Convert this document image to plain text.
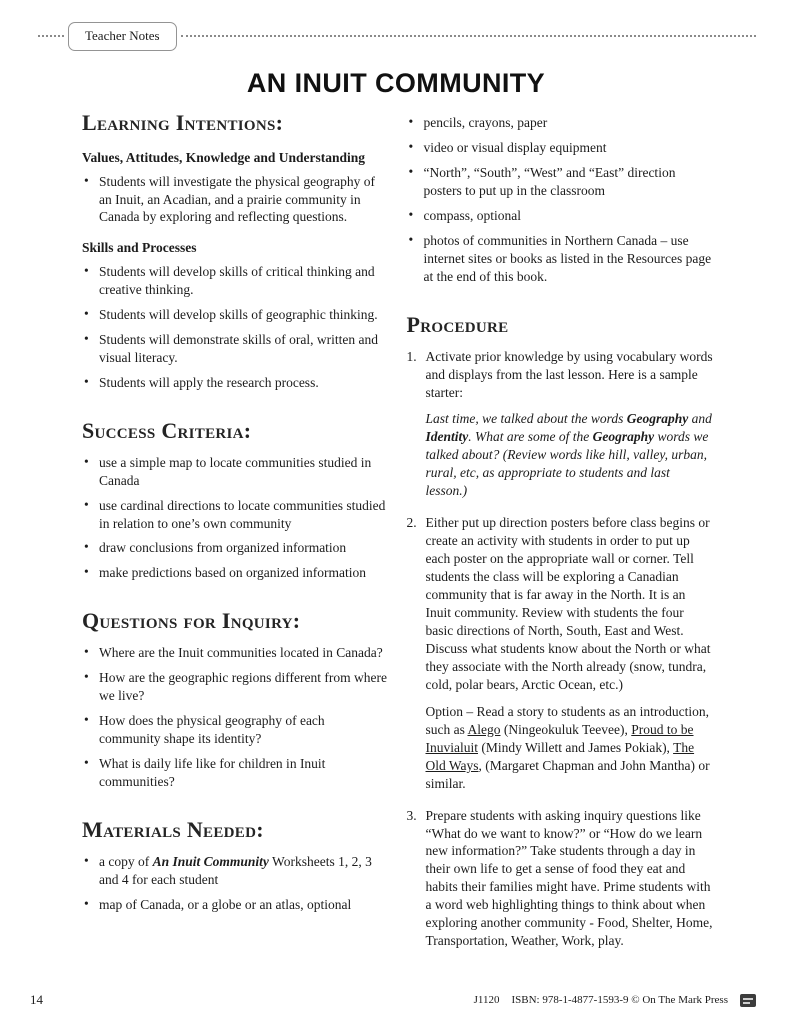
Teacher Notes
AN INUIT COMMUNITY
Learning Intentions:
Values, Attitudes, Knowledge and Understanding
• Students will investigate the physical geography of an Inuit, an Acadian, and a prairie community in Canada by exploring and reflecting questions.
Skills and Processes
• Students will develop skills of critical thinking and creative thinking.
• Students will develop skills of geographic thinking.
• Students will demonstrate skills of oral, written and visual literacy.
• Students will apply the research process.
Success Criteria:
• use a simple map to locate communities studied in Canada
• use cardinal directions to locate communities studied in relation to one’s own community
• draw conclusions from organized information
• make predictions based on organized information
Questions for Inquiry:
• Where are the Inuit communities located in Canada?
• How are the geographic regions different from where we live?
• How does the physical geography of each community shape its identity?
• What is daily life like for children in Inuit communities?
Materials Needed:
• a copy of An Inuit Community Worksheets 1, 2, 3 and 4 for each student
• map of Canada, or a globe or an atlas, optional
• pencils, crayons, paper
• video or visual display equipment
• “North”, “South”, “West” and “East” direction posters to put up in the classroom
• compass, optional
• photos of communities in Northern Canada – use internet sites or books as listed in the Resources page at the end of this book.
Procedure
1. Activate prior knowledge by using vocabulary words and displays from the last lesson. Here is a sample starter:

Last time, we talked about the words Geography and Identity. What are some of the Geography words we talked about? (Review words like hill, valley, urban, rural, etc, as appropriate to students and last lesson.)

2. Either put up direction posters before class begins or create an activity with students in order to put up each poster on the appropriate wall or corner. Tell students the class will be exploring a Canadian community that is far away in the North. It is an Inuit community. Review with students the four basic directions of North, South, East and West. Discuss what students know about the North or what they associate with the North already (snow, tundra, cold, polar bears, Arctic Ocean, etc.)

Option – Read a story to students as an introduction, such as Alego (Ningeokuluk Teevee), Proud to be Inuvialuit (Mindy Willett and James Pokiak), The Old Ways, (Margaret Chapman and John Mantha) or similar.

3. Prepare students with asking inquiry questions like “What do we want to know?” or “How do we learn new information?” Take students through a day in their own life to get a sense of food they eat and habits their families might have. Prime students with a word web highlighting things to think about when exploring another community - Food, Shelter, Home, Transportation, Weather, Work, play.

14	J1120 ISBN: 978-1-4877-1593-9 © On The Mark Press
